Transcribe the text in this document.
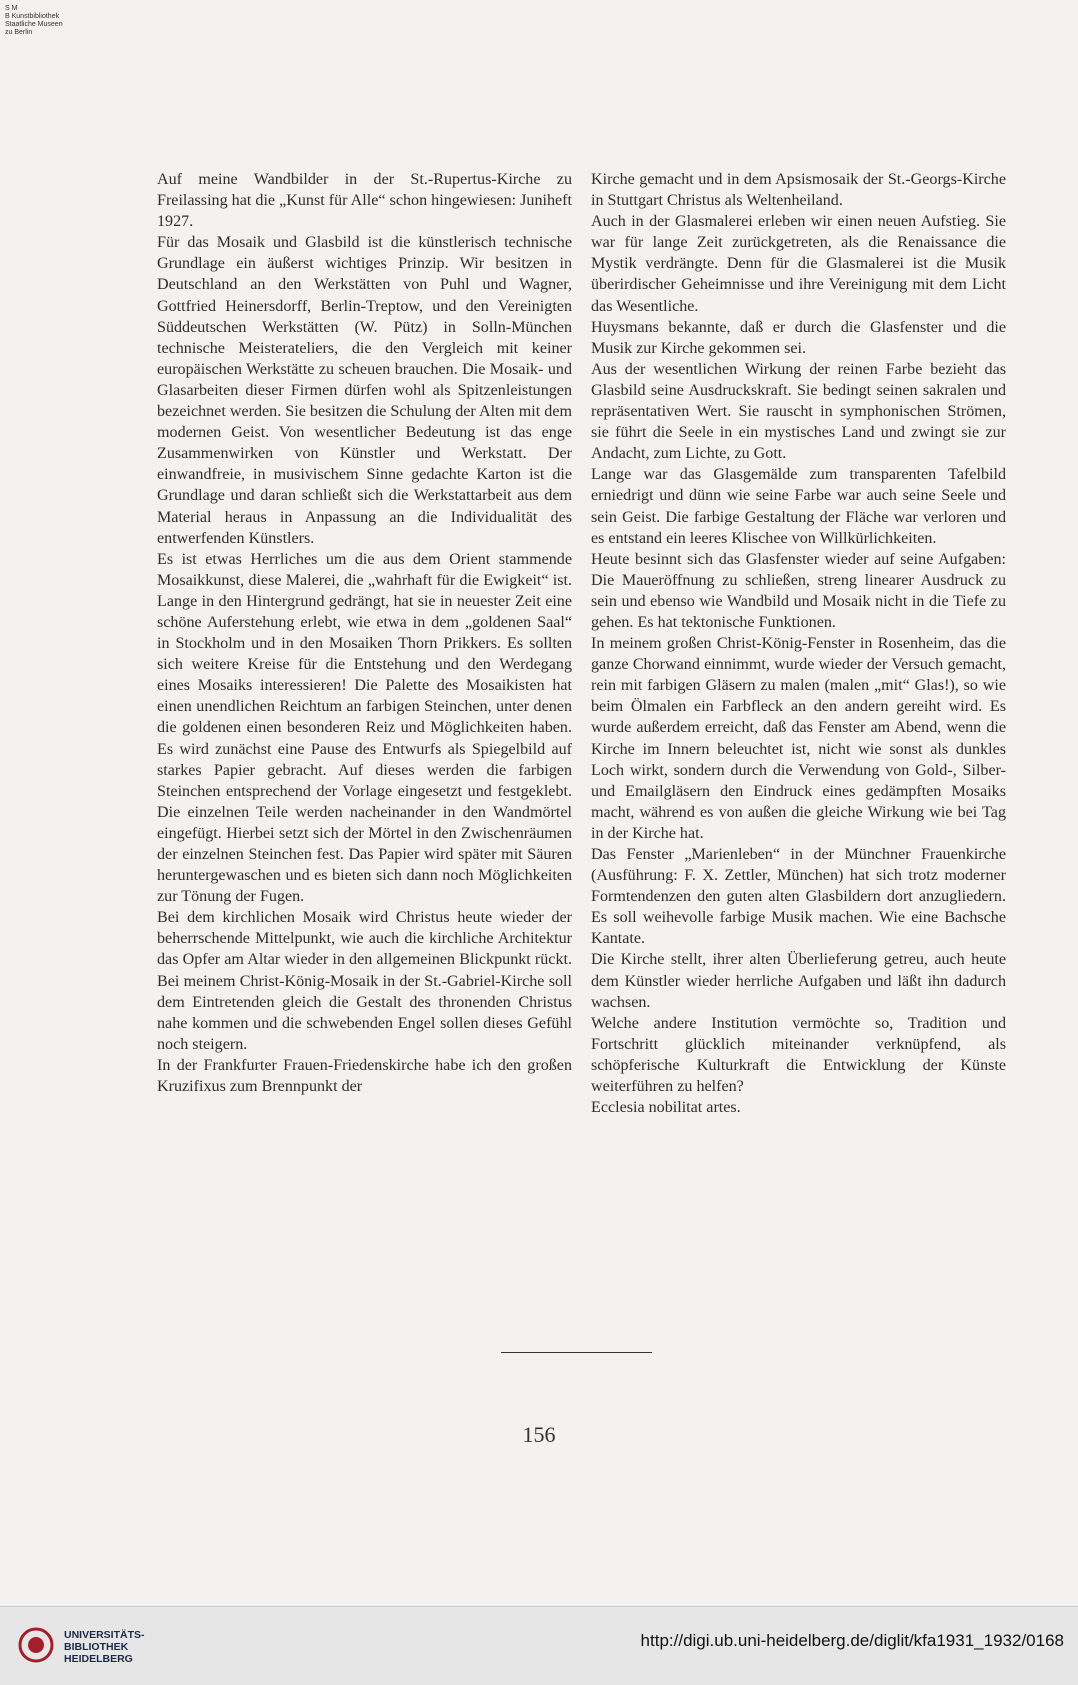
S M
B Kunstbibliothek
Staatliche Museen
zu Berlin

Auf meine Wandbilder in der St.-Rupertus-Kirche zu Freilassing hat die „Kunst für Alle“ schon hingewiesen: Juniheft 1927.

Für das Mosaik und Glasbild ist die künstlerisch technische Grundlage ein äußerst wichtiges Prinzip. Wir besitzen in Deutschland an den Werkstätten von Puhl und Wagner, Gottfried Heinersdorff, Berlin-Treptow, und den Vereinigten Süddeutschen Werkstätten (W. Pütz) in Solln-München technische Meisterateliers, die den Vergleich mit keiner europäischen Werkstätte zu scheuen brauchen. Die Mosaik- und Glasarbeiten dieser Firmen dürfen wohl als Spitzenleistungen bezeichnet werden. Sie besitzen die Schulung der Alten mit dem modernen Geist. Von wesentlicher Bedeutung ist das enge Zusammenwirken von Künstler und Werkstatt. Der einwandfreie, in musivischem Sinne gedachte Karton ist die Grundlage und daran schließt sich die Werkstattarbeit aus dem Material heraus in Anpassung an die Individualität des entwerfenden Künstlers.

Es ist etwas Herrliches um die aus dem Orient stammende Mosaikkunst, diese Malerei, die „wahrhaft für die Ewigkeit“ ist. Lange in den Hintergrund gedrängt, hat sie in neuester Zeit eine schöne Auferstehung erlebt, wie etwa in dem „goldenen Saal“ in Stockholm und in den Mosaiken Thorn Prikkers. Es sollten sich weitere Kreise für die Entstehung und den Werdegang eines Mosaiks interessieren! Die Palette des Mosaikisten hat einen unendlichen Reichtum an farbigen Steinchen, unter denen die goldenen einen besonderen Reiz und Möglichkeiten haben. Es wird zunächst eine Pause des Entwurfs als Spiegelbild auf starkes Papier gebracht. Auf dieses werden die farbigen Steinchen entsprechend der Vorlage eingesetzt und festgeklebt. Die einzelnen Teile werden nacheinander in den Wandmörtel eingefügt. Hierbei setzt sich der Mörtel in den Zwischenräumen der einzelnen Steinchen fest. Das Papier wird später mit Säuren heruntergewaschen und es bieten sich dann noch Möglichkeiten zur Tönung der Fugen.

Bei dem kirchlichen Mosaik wird Christus heute wieder der beherrschende Mittelpunkt, wie auch die kirchliche Architektur das Opfer am Altar wieder in den allgemeinen Blickpunkt rückt. Bei meinem Christ-König-Mosaik in der St.-Gabriel-Kirche soll dem Eintretenden gleich die Gestalt des thronenden Christus nahe kommen und die schwebenden Engel sollen dieses Gefühl noch steigern.

In der Frankfurter Frauen-Friedenskirche habe ich den großen Kruzifixus zum Brennpunkt der

Kirche gemacht und in dem Apsismosaik der St.-Georgs-Kirche in Stuttgart Christus als Weltenheiland.

Auch in der Glasmalerei erleben wir einen neuen Aufstieg. Sie war für lange Zeit zurückgetreten, als die Renaissance die Mystik verdrängte. Denn für die Glasmalerei ist die Musik überirdischer Geheimnisse und ihre Vereinigung mit dem Licht das Wesentliche.

Huysmans bekannte, daß er durch die Glasfenster und die Musik zur Kirche gekommen sei.

Aus der wesentlichen Wirkung der reinen Farbe bezieht das Glasbild seine Ausdruckskraft. Sie bedingt seinen sakralen und repräsentativen Wert. Sie rauscht in symphonischen Strömen, sie führt die Seele in ein mystisches Land und zwingt sie zur Andacht, zum Lichte, zu Gott.

Lange war das Glasgemälde zum transparenten Tafelbild erniedrigt und dünn wie seine Farbe war auch seine Seele und sein Geist. Die farbige Gestaltung der Fläche war verloren und es entstand ein leeres Klischee von Willkürlichkeiten.

Heute besinnt sich das Glasfenster wieder auf seine Aufgaben: Die Maueröffnung zu schließen, streng linearer Ausdruck zu sein und ebenso wie Wandbild und Mosaik nicht in die Tiefe zu gehen. Es hat tektonische Funktionen.

In meinem großen Christ-König-Fenster in Rosenheim, das die ganze Chorwand einnimmt, wurde wieder der Versuch gemacht, rein mit farbigen Gläsern zu malen (malen „mit“ Glas!), so wie beim Ölmalen ein Farbfleck an den andern gereiht wird. Es wurde außerdem erreicht, daß das Fenster am Abend, wenn die Kirche im Innern beleuchtet ist, nicht wie sonst als dunkles Loch wirkt, sondern durch die Verwendung von Gold-, Silber- und Emailgläsern den Eindruck eines gedämpften Mosaiks macht, während es von außen die gleiche Wirkung wie bei Tag in der Kirche hat.

Das Fenster „Marienleben“ in der Münchner Frauenkirche (Ausführung: F. X. Zettler, München) hat sich trotz moderner Formtendenzen den guten alten Glasbildern dort anzugliedern. Es soll weihevolle farbige Musik machen. Wie eine Bachsche Kantate.

Die Kirche stellt, ihrer alten Überlieferung getreu, auch heute dem Künstler wieder herrliche Aufgaben und läßt ihn dadurch wachsen.

Welche andere Institution vermöchte so, Tradition und Fortschritt glücklich miteinander verknüpfend, als schöpferische Kulturkraft die Entwicklung der Künste weiterführen zu helfen?

Ecclesia nobilitat artes.

156
UNIVERSITÄTS-
BIBLIOTHEK
HEIDELBERG
http://digi.ub.uni-heidelberg.de/diglit/kfa1931_1932/0168
